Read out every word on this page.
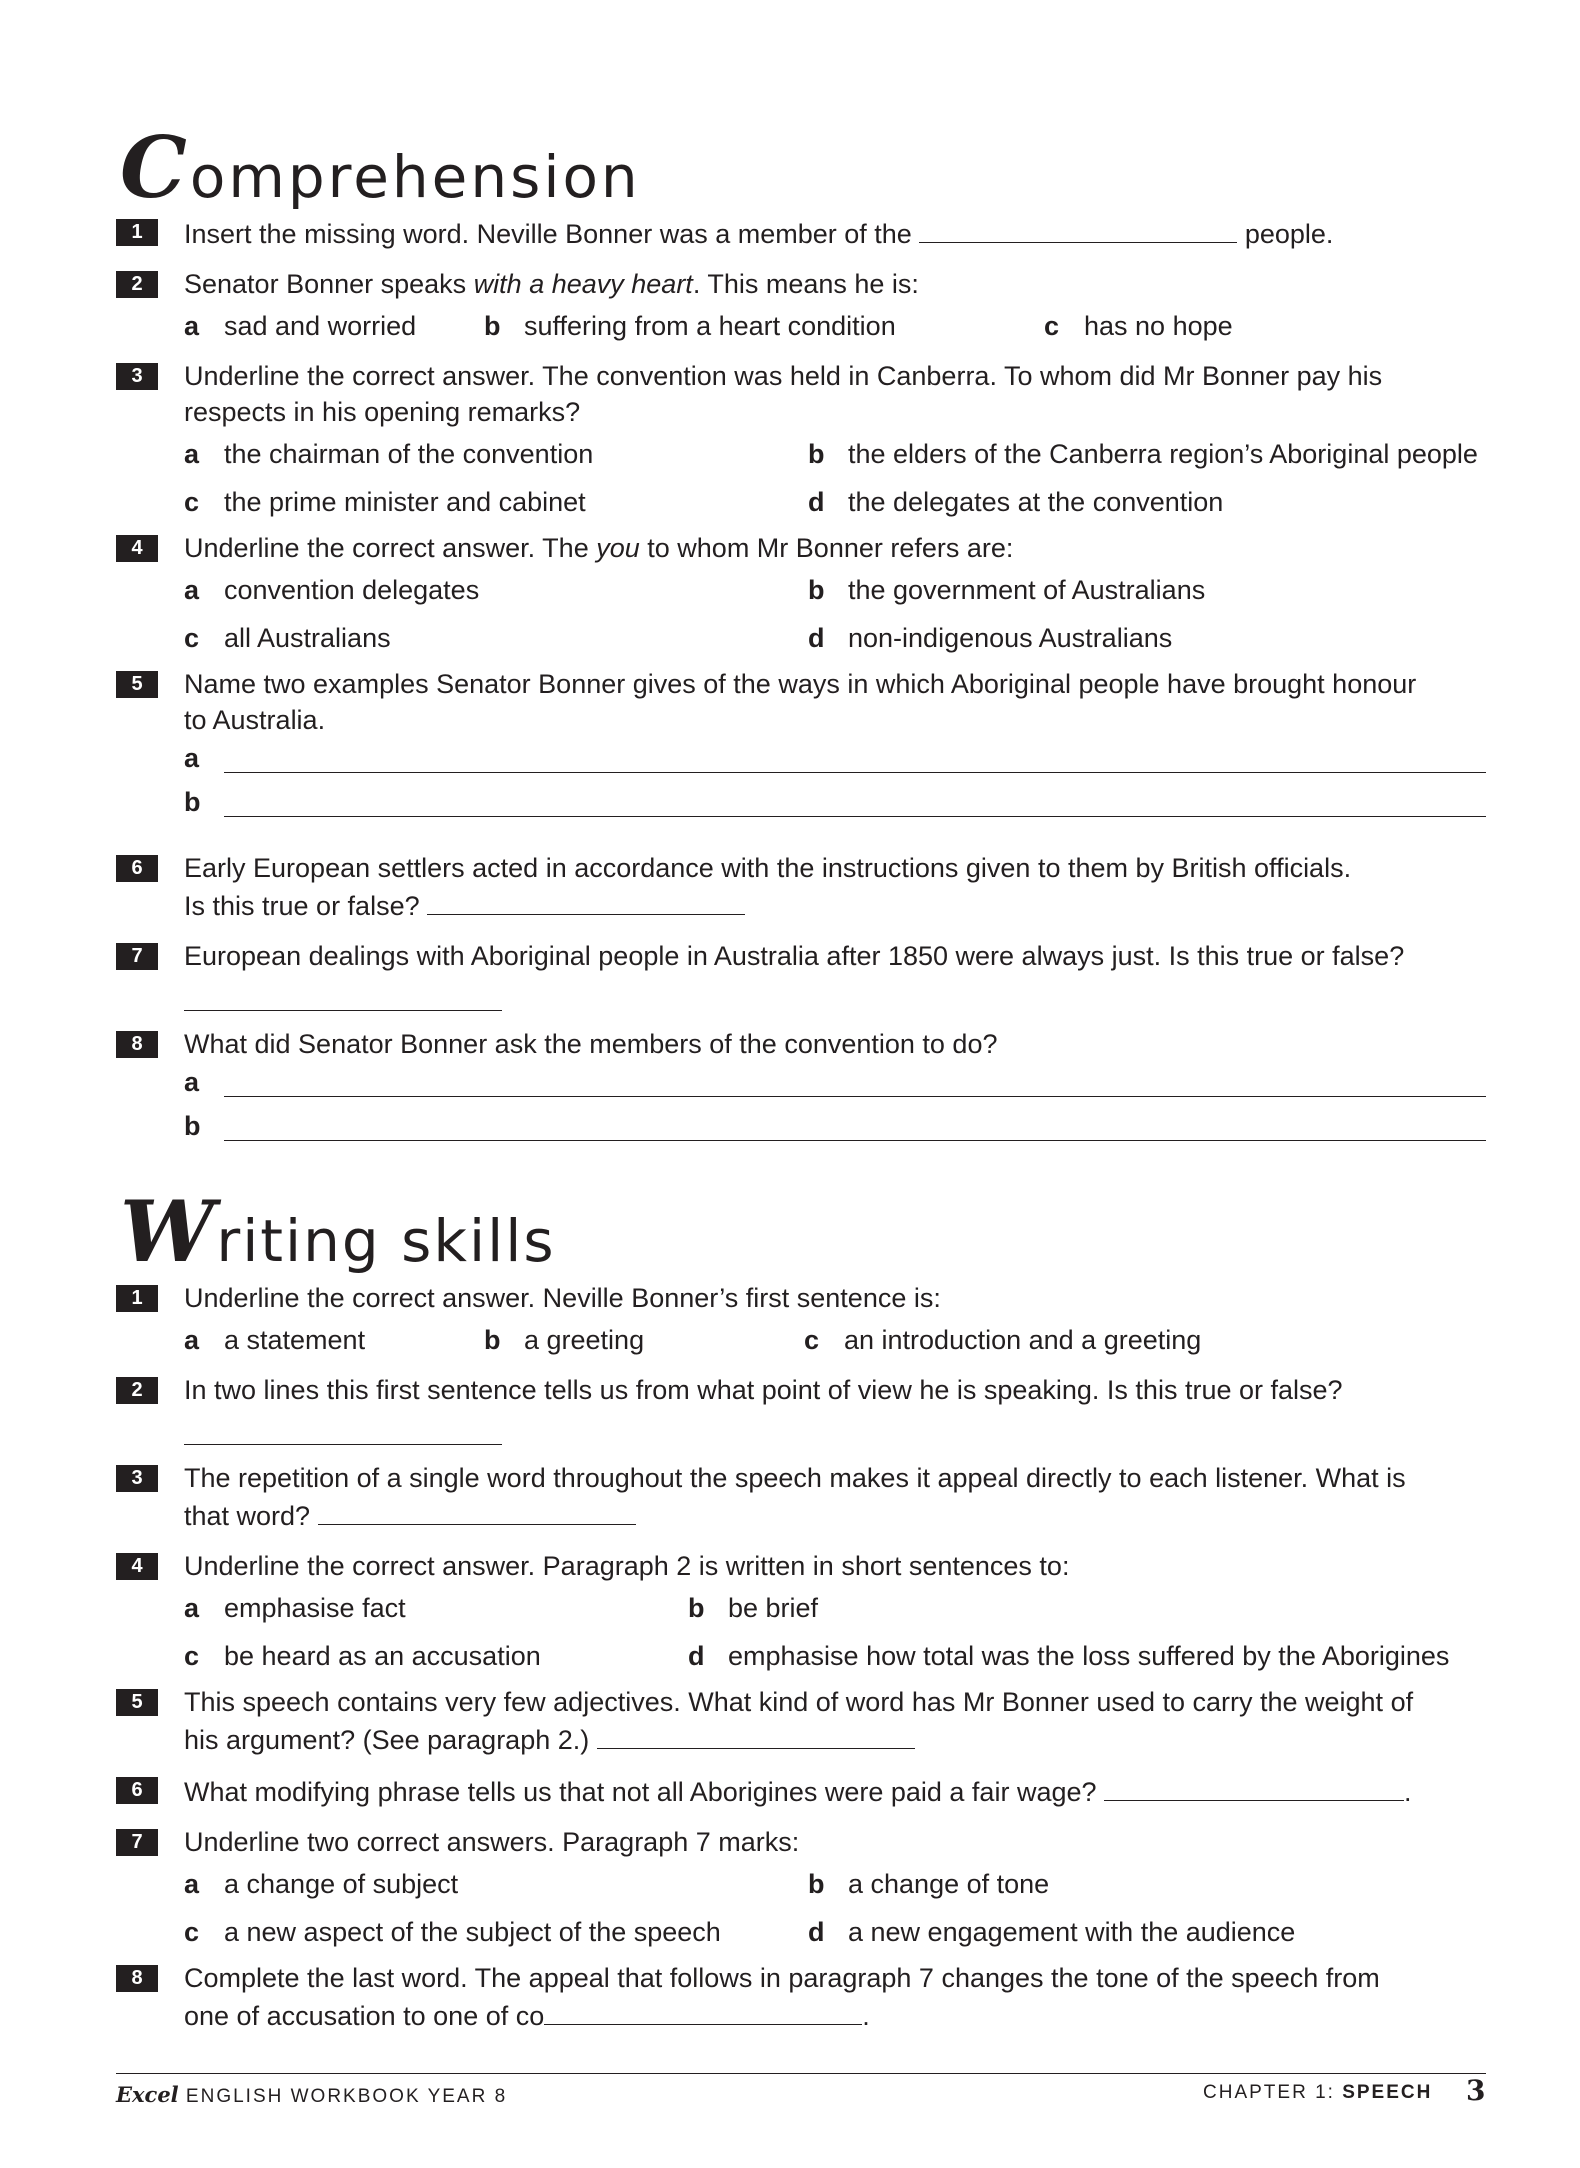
Comprehension
1	Insert the missing word. Neville Bonner was a member of the	people.
2	Senator Bonner speaks with a heavy heart. This means he is:
a sad and worried	b suffering from a heart condition	c has no hope
3	Underline the correct answer. The convention was held in Canberra. To whom did Mr Bonner pay his
respects in his opening remarks?
a the chairman of the convention	b the elders of the Canberra region’s Aboriginal people
c the prime minister and cabinet	d the delegates at the convention
4	Underline the correct answer. The you to whom Mr Bonner refers are:
a convention delegates	b the government of Australians
c all Australians	d non-indigenous Australians
5	Name two examples Senator Bonner gives of the ways in which Aboriginal people have brought honour
to Australia.
a
b
6	Early European settlers acted in accordance with the instructions given to them by British officials.
Is this true or false?
7	European dealings with Aboriginal people in Australia after 1850 were always just. Is this true or false?
8	What did Senator Bonner ask the members of the convention to do?
a
b
Writing skills
1	Underline the correct answer. Neville Bonner’s first sentence is:
a a statement	b a greeting	c an introduction and a greeting
2	In two lines this first sentence tells us from what point of view he is speaking. Is this true or false?
3	The repetition of a single word throughout the speech makes it appeal directly to each listener. What is
that word?
4	Underline the correct answer. Paragraph 2 is written in short sentences to:
a emphasise fact	b be brief
c be heard as an accusation	d emphasise how total was the loss suffered by the Aborigines
5	This speech contains very few adjectives. What kind of word has Mr Bonner used to carry the weight of
his argument? (See paragraph 2.)
6	What modifying phrase tells us that not all Aborigines were paid a fair wage?	.
7	Underline two correct answers. Paragraph 7 marks:
a a change of subject	b a change of tone
c a new aspect of the subject of the speech	d a new engagement with the audience
8	Complete the last word. The appeal that follows in paragraph 7 changes the tone of the speech from
one of accusation to one of co	.
Excel ENGLISH WORKBOOK YEAR 8	CHAPTER 1: SPEECH 3
